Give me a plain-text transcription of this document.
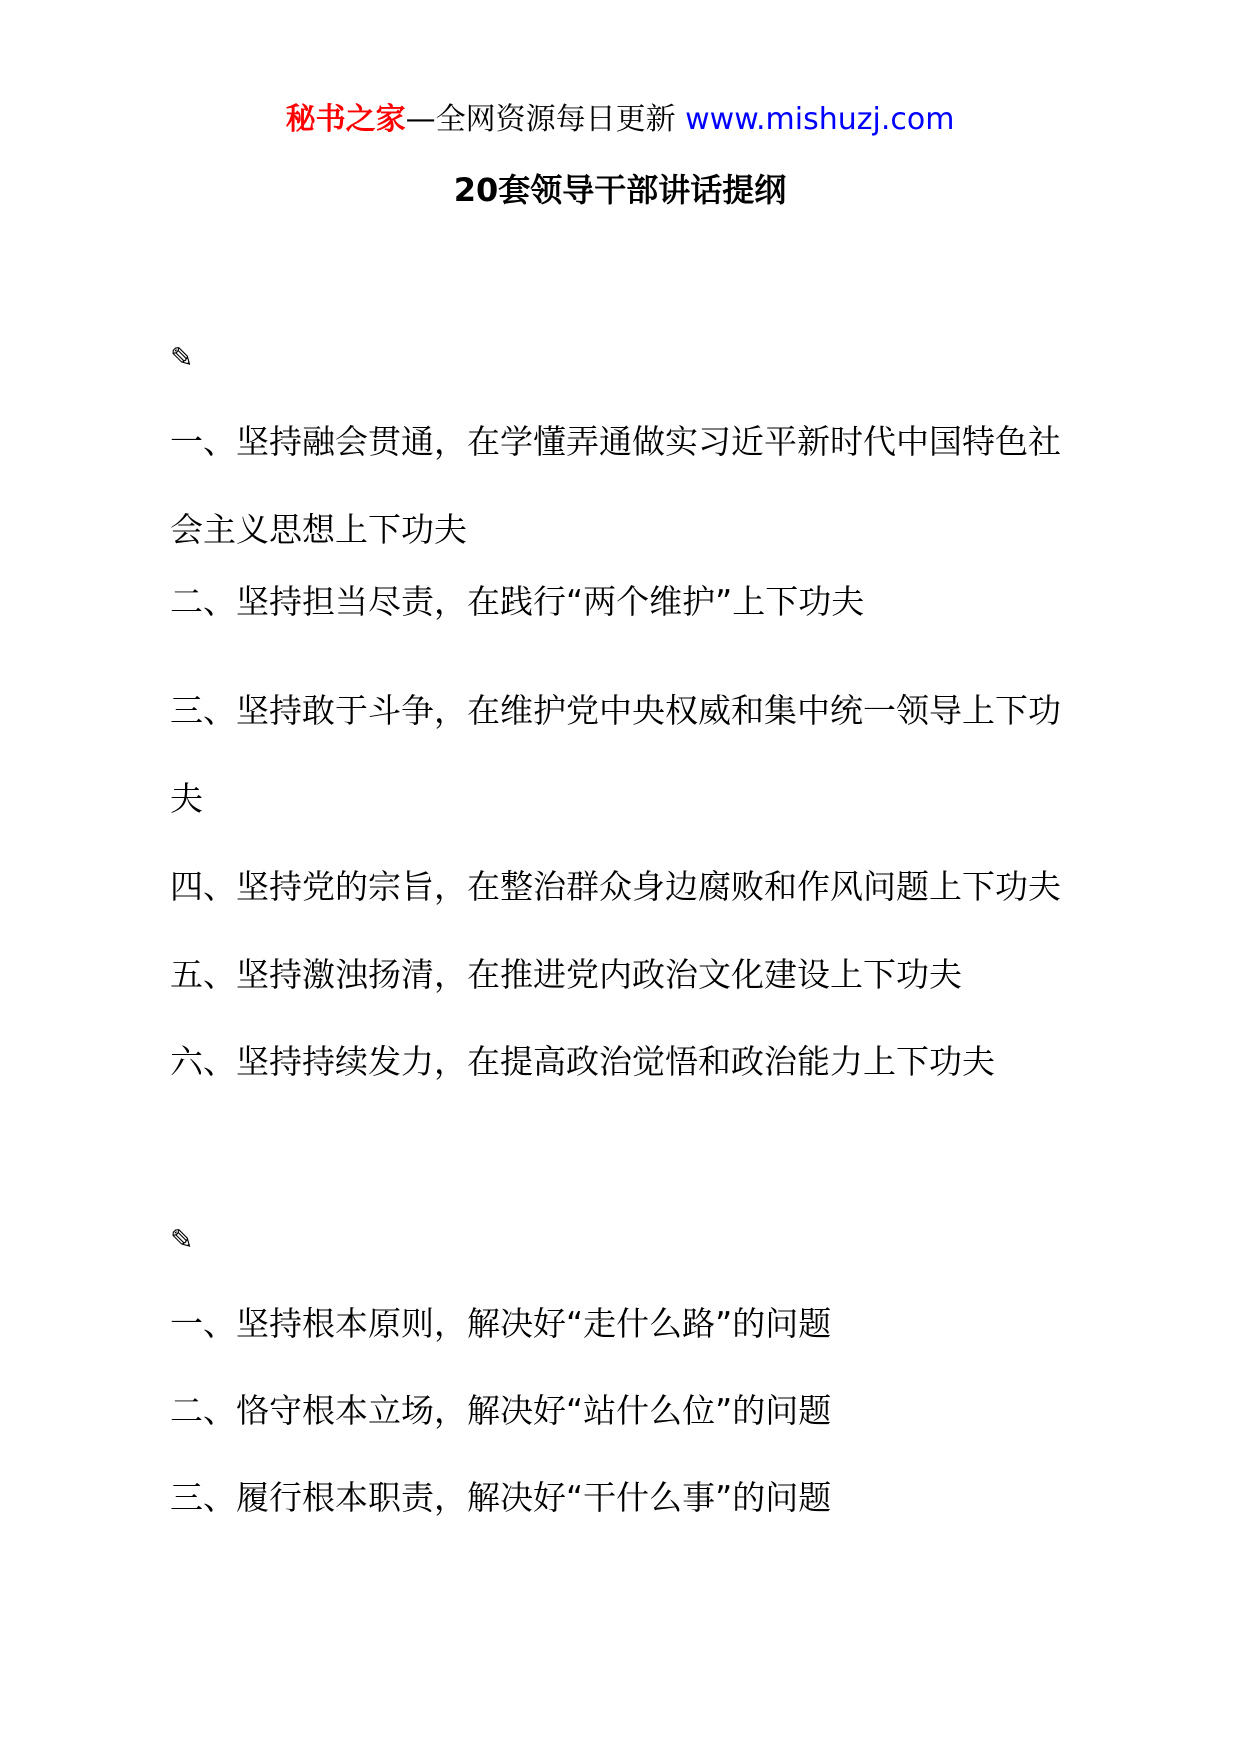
秘书之家—全网资源每日更新 www.mishuzj.com
20套领导干部讲话提纲
✎
一、坚持融会贯通，在学懂弄通做实习近平新时代中国特色社会主义思想上下功夫
二、坚持担当尽责，在践行“两个维护”上下功夫
三、坚持敢于斗争，在维护党中央权威和集中统一领导上下功夫
四、坚持党的宗旨，在整治群众身边腐败和作风问题上下功夫
五、坚持激浊扬清，在推进党内政治文化建设上下功夫
六、坚持持续发力，在提高政治觉悟和政治能力上下功夫
✎
一、坚持根本原则，解决好“走什么路”的问题
二、恪守根本立场，解决好“站什么位”的问题
三、履行根本职责，解决好“干什么事”的问题
